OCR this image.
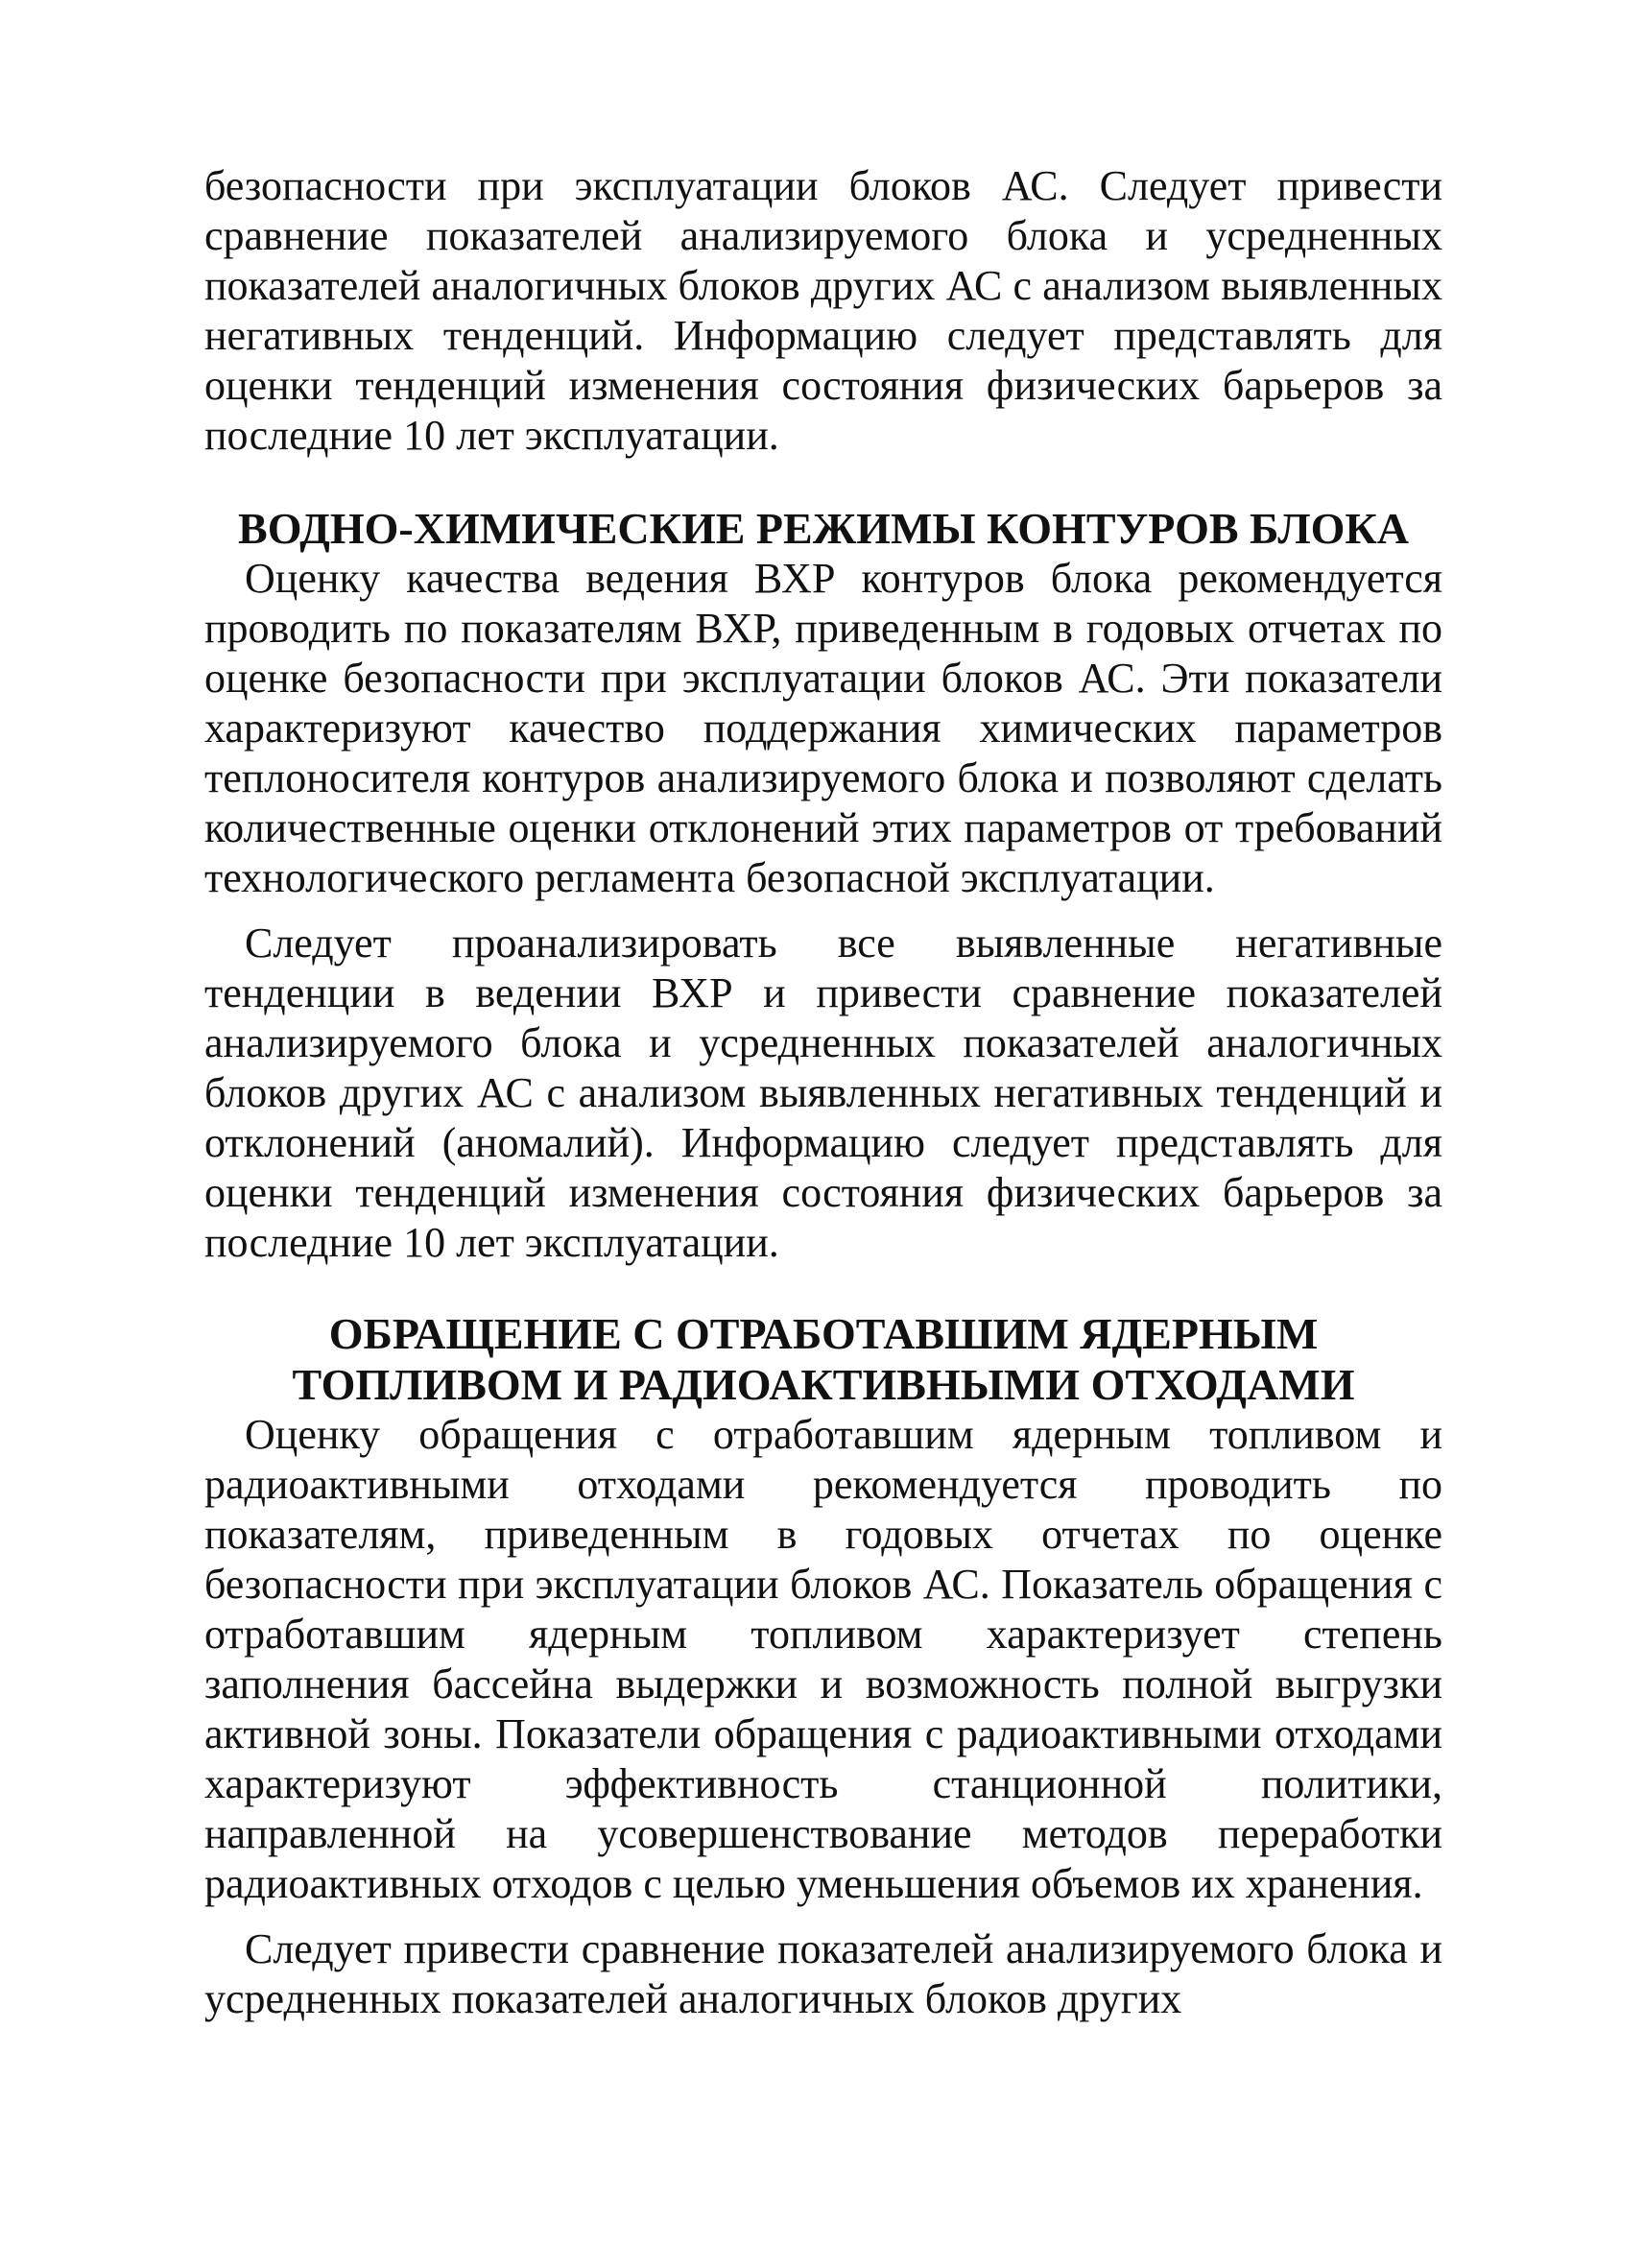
безопасности при эксплуатации блоков АС. Следует привести сравнение показателей анализируемого блока и усредненных показателей аналогичных блоков других АС с анализом выявленных негативных тенденций. Информацию следует представлять для оценки тенденций изменения состояния физических барьеров за последние 10 лет эксплуатации.

ВОДНО-ХИМИЧЕСКИЕ РЕЖИМЫ КОНТУРОВ БЛОКА

Оценку качества ведения ВХР контуров блока рекомендуется проводить по показателям ВХР, приведенным в годовых отчетах по оценке безопасности при эксплуатации блоков АС. Эти показатели характеризуют качество поддержания химических параметров теплоносителя контуров анализируемого блока и позволяют сделать количественные оценки отклонений этих параметров от требований технологического регламента безопасной эксплуатации.

Следует проанализировать все выявленные негативные тенденции в ведении ВХР и привести сравнение показателей анализируемого блока и усредненных показателей аналогичных блоков других АС с анализом выявленных негативных тенденций и отклонений (аномалий). Информацию следует представлять для оценки тенденций изменения состояния физических барьеров за последние 10 лет эксплуатации.

ОБРАЩЕНИЕ С ОТРАБОТАВШИМ ЯДЕРНЫМ
ТОПЛИВОМ И РАДИОАКТИВНЫМИ ОТХОДАМИ

Оценку обращения с отработавшим ядерным топливом и радиоактивными отходами рекомендуется проводить по показателям, приведенным в годовых отчетах по оценке безопасности при эксплуатации блоков АС. Показатель обращения с отработавшим ядерным топливом характеризует степень заполнения бассейна выдержки и возможность полной выгрузки активной зоны. Показатели обращения с радиоактивными отходами характеризуют эффективность станционной политики, направленной на усовершенствование методов переработки радиоактивных отходов с целью уменьшения объемов их хранения.

Следует привести сравнение показателей анализируемого блока и усредненных показателей аналогичных блоков других
